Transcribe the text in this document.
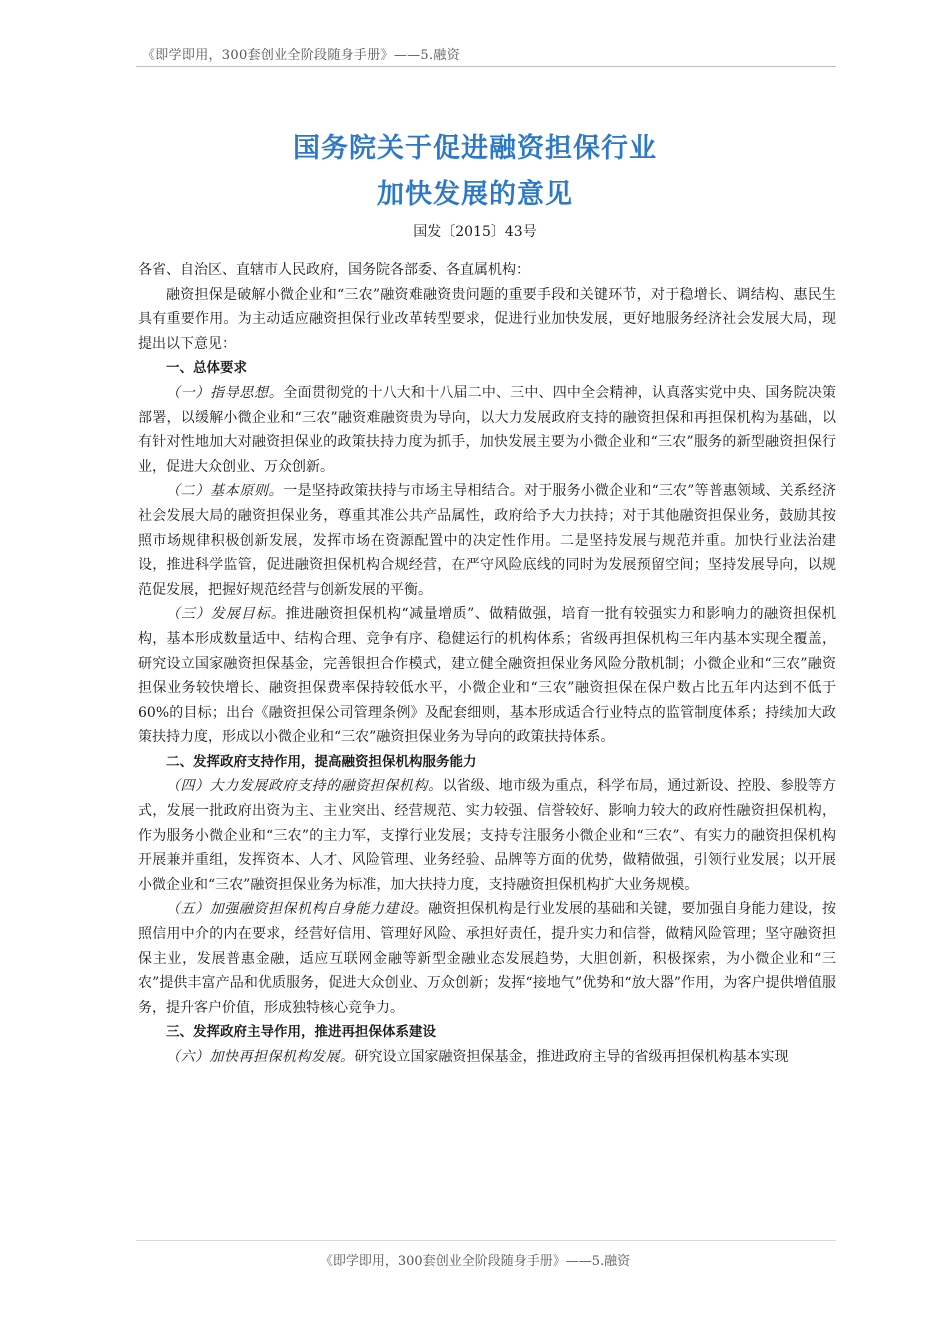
《即学即用，300套创业全阶段随身手册》——5.融资
国务院关于促进融资担保行业
加快发展的意见
国发〔2015〕43号

各省、自治区、直辖市人民政府，国务院各部委、各直属机构：

融资担保是破解小微企业和“三农”融资难融资贵问题的重要手段和关键环节，对于稳增长、调结构、惠民生具有重要作用。为主动适应融资担保行业改革转型要求，促进行业加快发展，更好地服务经济社会发展大局，现提出以下意见：

一、总体要求

（一）指导思想。全面贯彻党的十八大和十八届二中、三中、四中全会精神，认真落实党中央、国务院决策部署，以缓解小微企业和“三农”融资难融资贵为导向，以大力发展政府支持的融资担保和再担保机构为基础，以有针对性地加大对融资担保业的政策扶持力度为抓手，加快发展主要为小微企业和“三农”服务的新型融资担保行业，促进大众创业、万众创新。

（二）基本原则。一是坚持政策扶持与市场主导相结合。对于服务小微企业和“三农”等普惠领域、关系经济社会发展大局的融资担保业务，尊重其准公共产品属性，政府给予大力扶持；对于其他融资担保业务，鼓励其按照市场规律积极创新发展，发挥市场在资源配置中的决定性作用。二是坚持发展与规范并重。加快行业法治建设，推进科学监管，促进融资担保机构合规经营，在严守风险底线的同时为发展预留空间；坚持发展导向，以规范促发展，把握好规范经营与创新发展的平衡。

（三）发展目标。推进融资担保机构“减量增质”、做精做强，培育一批有较强实力和影响力的融资担保机构，基本形成数量适中、结构合理、竞争有序、稳健运行的机构体系；省级再担保机构三年内基本实现全覆盖，研究设立国家融资担保基金，完善银担合作模式，建立健全融资担保业务风险分散机制；小微企业和“三农”融资担保业务较快增长、融资担保费率保持较低水平，小微企业和“三农”融资担保在保户数占比五年内达到不低于60%的目标；出台《融资担保公司管理条例》及配套细则，基本形成适合行业特点的监管制度体系；持续加大政策扶持力度，形成以小微企业和“三农”融资担保业务为导向的政策扶持体系。

二、发挥政府支持作用，提高融资担保机构服务能力

（四）大力发展政府支持的融资担保机构。以省级、地市级为重点，科学布局，通过新设、控股、参股等方式，发展一批政府出资为主、主业突出、经营规范、实力较强、信誉较好、影响力较大的政府性融资担保机构，作为服务小微企业和“三农”的主力军，支撑行业发展；支持专注服务小微企业和“三农”、有实力的融资担保机构开展兼并重组，发挥资本、人才、风险管理、业务经验、品牌等方面的优势，做精做强，引领行业发展；以开展小微企业和“三农”融资担保业务为标准，加大扶持力度，支持融资担保机构扩大业务规模。

（五）加强融资担保机构自身能力建设。融资担保机构是行业发展的基础和关键，要加强自身能力建设，按照信用中介的内在要求，经营好信用、管理好风险、承担好责任，提升实力和信誉，做精风险管理；坚守融资担保主业，发展普惠金融，适应互联网金融等新型金融业态发展趋势，大胆创新，积极探索，为小微企业和“三农”提供丰富产品和优质服务，促进大众创业、万众创新；发挥“接地气”优势和“放大器”作用，为客户提供增值服务，提升客户价值，形成独特核心竞争力。

三、发挥政府主导作用，推进再担保体系建设

（六）加快再担保机构发展。研究设立国家融资担保基金，推进政府主导的省级再担保机构基本实现

《即学即用，300套创业全阶段随身手册》——5.融资
